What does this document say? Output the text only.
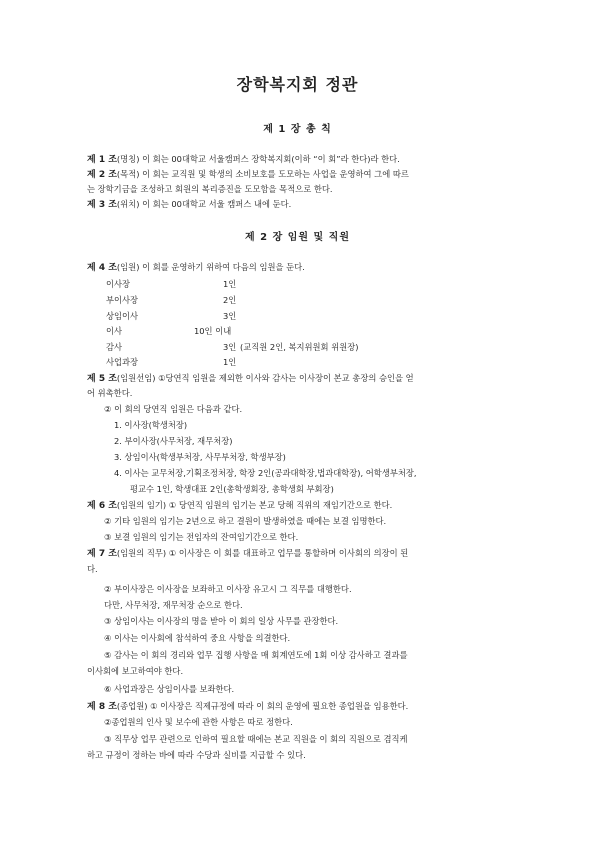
장학복지회 정관
제 1 장 총 칙
제 1 조(명칭) 이 회는 00대학교 서울캠퍼스 장학복지회(이하 “이 회”라 한다)라 한다.
제 2 조(목적) 이 회는 교직원 및 학생의 소비보호를 도모하는 사업을 운영하여 그에 따르
는 장학기금을 조성하고 회원의 복리증진을 도모함을 목적으로 한다.
제 3 조(위치) 이 회는 00대학교 서울 캠퍼스 내에 둔다.
제 2 장 임원 및 직원
제 4 조(임원) 이 회를 운영하기 위하여 다음의 임원을 둔다.
이사장	1인
부이사장	2인
상임이사	3인
이사	10인 이내
감사	3인 (교직원 2인, 복지위원회 위원장)
사업과장	1인
제 5 조(임원선임) ①당연직 임원을 제외한 이사와 감사는 이사장이 본교 총장의 승인을 얻
어 위촉한다.
② 이 회의 당연직 임원은 다음과 같다.
1. 이사장(학생처장)
2. 부이사장(사무처장, 재무처장)
3. 상임이사(학생부처장, 사무부처장, 학생부장)
4. 이사는 교무처장,기획조정처장, 학장 2인(공과대학장,법과대학장), 어학생부처장,
평교수 1인, 학생대표 2인(총학생회장, 총학생회 부회장)
제 6 조(임원의 임기) ① 당연직 임원의 임기는 본교 당해 직위의 재임기간으로 한다.
② 기타 임원의 임기는 2년으로 하고 결원이 발생하였을 때에는 보결 임명한다.
③ 보결 임원의 임기는 전임자의 잔여임기간으로 한다.
제 7 조(임원의 직무) ① 이사장은 이 회를 대표하고 업무를 통할하며 이사회의 의장이 된
다.
② 부이사장은 이사장을 보좌하고 이사장 유고시 그 직무를 대행한다.
다만, 사무처장, 재무처장 순으로 한다.
③ 상임이사는 이사장의 명을 받아 이 회의 일상 사무를 관장한다.
④ 이사는 이사회에 참석하여 중요 사항을 의결한다.
⑤ 감사는 이 회의 경리와 업무 집행 사항을 매 회계연도에 1회 이상 감사하고 결과를
이사회에 보고하여야 한다.
⑥ 사업과장은 상임이사를 보좌한다.
제 8 조(종업원) ① 이사장은 직제규정에 따라 이 회의 운영에 필요한 종업원을 임용한다.
②종업원의 인사 및 보수에 관한 사항은 따로 정한다.
③ 직무상 업무 관련으로 인하여 필요할 때에는 본교 직원을 이 회의 직원으로 겸직케
하고 규정이 정하는 바에 따라 수당과 실비를 지급할 수 있다.
